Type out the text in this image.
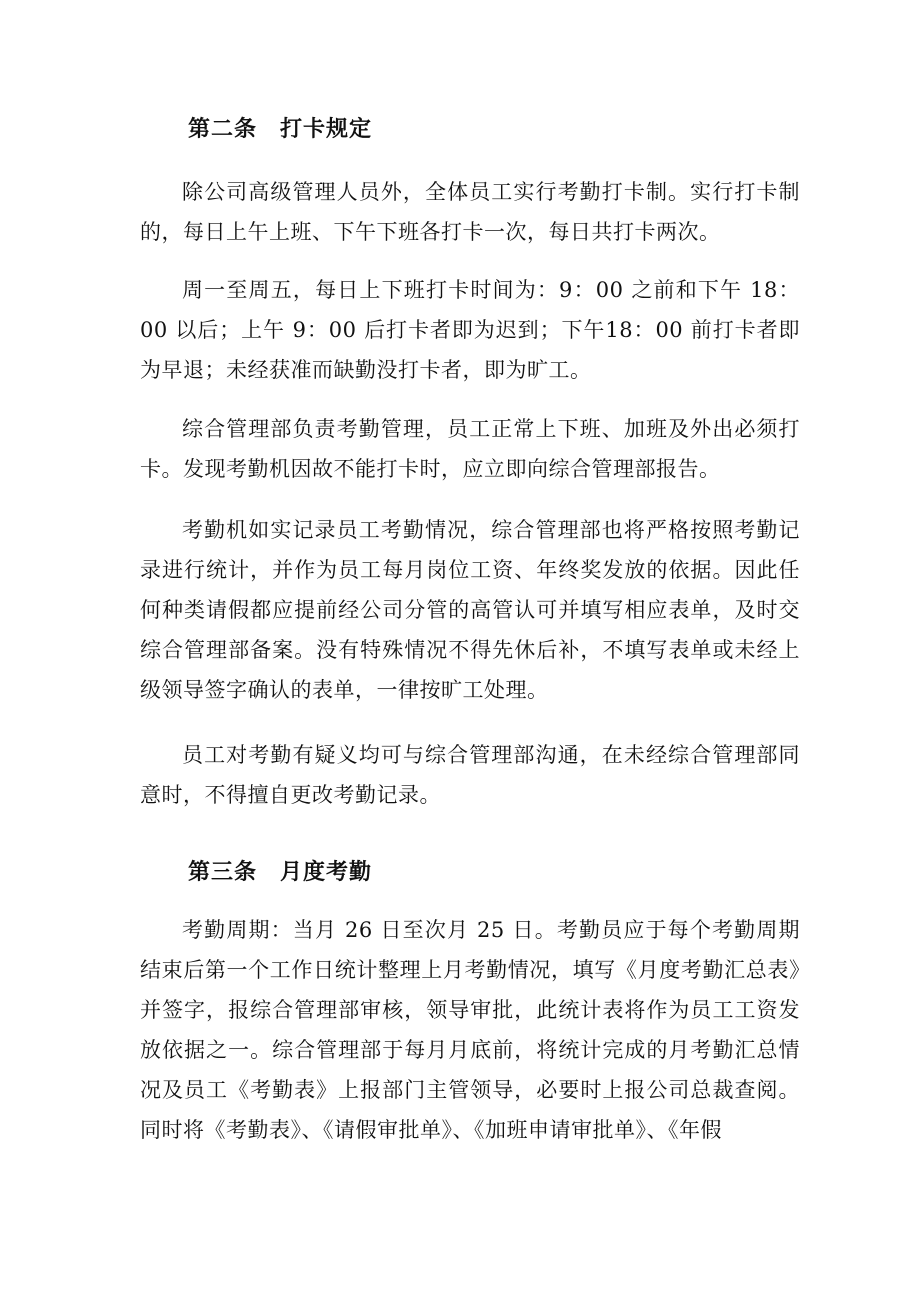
第二条　打卡规定

除公司高级管理人员外，全体员工实行考勤打卡制。实行打卡制的，每日上午上班、下午下班各打卡一次，每日共打卡两次。

周一至周五，每日上下班打卡时间为：9：00 之前和下午 18：00 以后；上午 9：00 后打卡者即为迟到；下午18：00 前打卡者即为早退；未经获准而缺勤没打卡者，即为旷工。

综合管理部负责考勤管理，员工正常上下班、加班及外出必须打卡。发现考勤机因故不能打卡时，应立即向综合管理部报告。

考勤机如实记录员工考勤情况，综合管理部也将严格按照考勤记录进行统计，并作为员工每月岗位工资、年终奖发放的依据。因此任何种类请假都应提前经公司分管的高管认可并填写相应表单，及时交综合管理部备案。没有特殊情况不得先休后补，不填写表单或未经上级领导签字确认的表单，一律按旷工处理。

员工对考勤有疑义均可与综合管理部沟通，在未经综合管理部同意时，不得擅自更改考勤记录。

第三条　月度考勤

考勤周期：当月 26 日至次月 25 日。考勤员应于每个考勤周期结束后第一个工作日统计整理上月考勤情况，填写《月度考勤汇总表》并签字，报综合管理部审核，领导审批，此统计表将作为员工工资发放依据之一。综合管理部于每月月底前，将统计完成的月考勤汇总情况及员工《考勤表》上报部门主管领导，必要时上报公司总裁查阅。同时将《考勤表》、《请假审批单》、《加班申请审批单》、《年假
